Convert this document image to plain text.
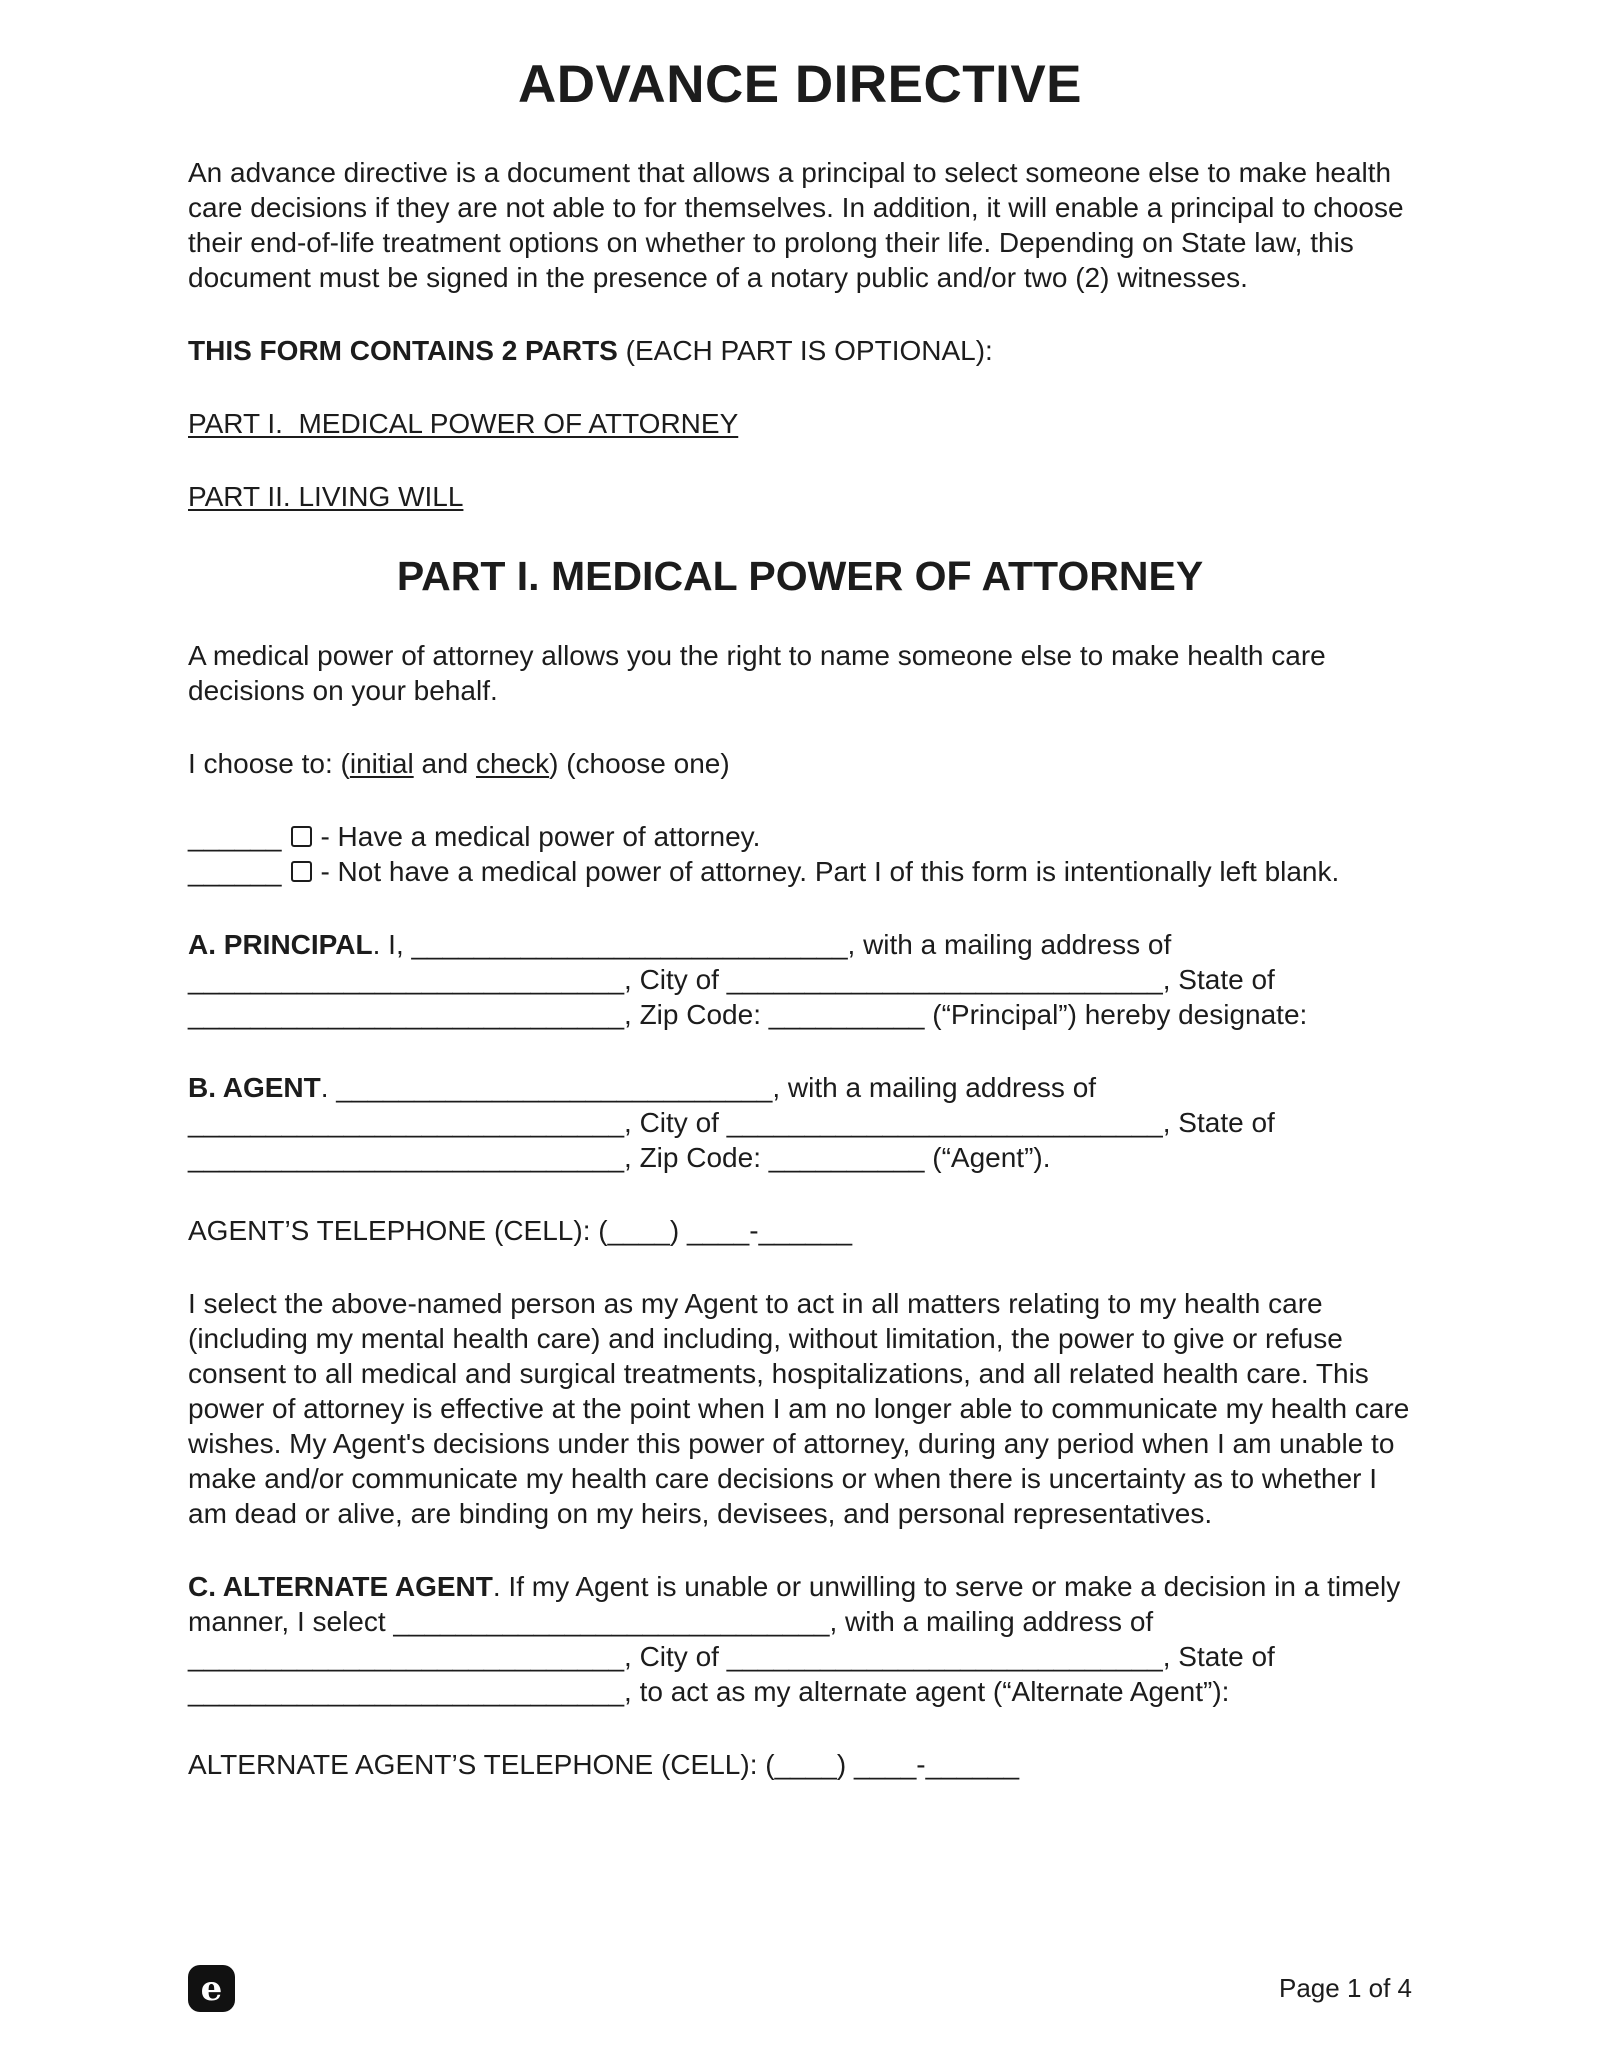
ADVANCE DIRECTIVE

An advance directive is a document that allows a principal to select someone else to make health care decisions if they are not able to for themselves. In addition, it will enable a principal to choose their end-of-life treatment options on whether to prolong their life. Depending on State law, this document must be signed in the presence of a notary public and/or two (2) witnesses.

THIS FORM CONTAINS 2 PARTS (EACH PART IS OPTIONAL):

PART I.  MEDICAL POWER OF ATTORNEY

PART II. LIVING WILL

PART I. MEDICAL POWER OF ATTORNEY

A medical power of attorney allows you the right to name someone else to make health care decisions on your behalf.

I choose to: (initial and check) (choose one)

______ - Have a medical power of attorney.

______ - Not have a medical power of attorney. Part I of this form is intentionally left blank.

A. PRINCIPAL. I, ____________________________, with a mailing address of ____________________________, City of ____________________________, State of ____________________________, Zip Code: __________ (“Principal”) hereby designate:

B. AGENT. ____________________________, with a mailing address of ____________________________, City of ____________________________, State of ____________________________, Zip Code: __________ (“Agent”).

AGENT’S TELEPHONE (CELL): (____) ____-______

I select the above-named person as my Agent to act in all matters relating to my health care (including my mental health care) and including, without limitation, the power to give or refuse consent to all medical and surgical treatments, hospitalizations, and all related health care. This power of attorney is effective at the point when I am no longer able to communicate my health care wishes. My Agent's decisions under this power of attorney, during any period when I am unable to make and/or communicate my health care decisions or when there is uncertainty as to whether I am dead or alive, are binding on my heirs, devisees, and personal representatives.

C. ALTERNATE AGENT. If my Agent is unable or unwilling to serve or make a decision in a timely manner, I select ____________________________, with a mailing address of ____________________________, City of ____________________________, State of ____________________________, to act as my alternate agent (“Alternate Agent”):

ALTERNATE AGENT’S TELEPHONE (CELL): (____) ____-______

e	Page 1 of 4
